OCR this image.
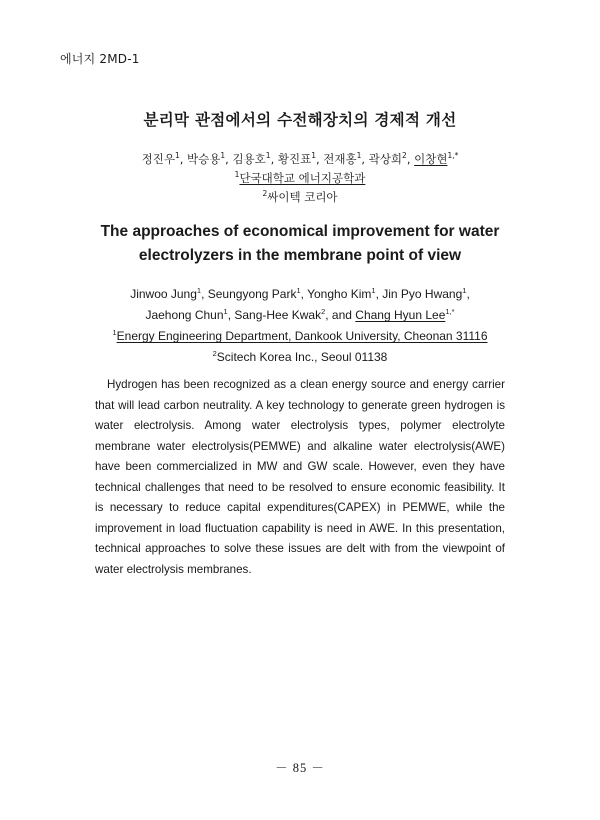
에너지 2MD-1
분리막 관점에서의 수전해장치의 경제적 개선
정진우$^1$, 박승용$^1$, 김용호$^1$, 황진표$^1$, 전재홍$^1$, 곽상희$^2$, 이창현$^{1,*}$
$^1$단국대학교 에너지공학과
$^2$싸이텍 코리아
The approaches of economical improvement for water
electrolyzers in the membrane point of view
Jinwoo Jung$^1$, Seungyong Park$^1$, Yongho Kim$^1$, Jin Pyo Hwang$^1$,
Jaehong Chun$^1$, Sang-Hee Kwak$^2$, and Chang Hyun Lee$^{1,*}$
$^1$Energy Engineering Department, Dankook University, Cheonan 31116
$^2$Scitech Korea Inc., Seoul 01138

Hydrogen has been recognized as a clean energy source and energy carrier that will lead carbon neutrality. A key technology to generate green hydrogen is water electrolysis. Among water electrolysis types, polymer electrolyte membrane water electrolysis(PEMWE) and alkaline water electrolysis(AWE) have been commercialized in MW and GW scale. However, even they have technical challenges that need to be resolved to ensure economic feasibility. It is necessary to reduce capital expenditures(CAPEX) in PEMWE, while the improvement in load fluctuation capability is need in AWE. In this presentation, technical approaches to solve these issues are delt with from the viewpoint of water electrolysis membranes.

－ 85 －
